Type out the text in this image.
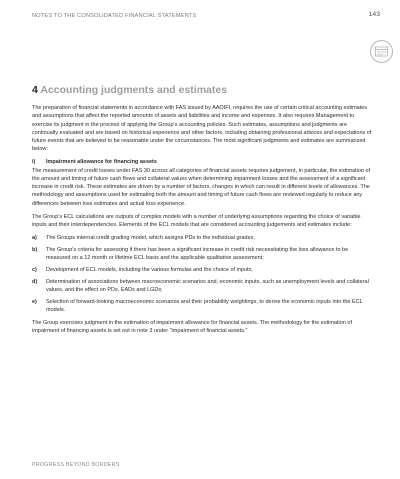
NOTES TO THE CONSOLIDATED FINANCIAL STATEMENTS	143
4 Accounting judgments and estimates

The preparation of financial statements in accordance with FAS issued by AAOIFI, requires the use of certain critical accounting estimates and assumptions that affect the reported amounts of assets and liabilities and income and expenses. It also requires Management to exercise its judgment in the process of applying the Group's accounting policies. Such estimates, assumptions and judgments are continually evaluated and are based on historical experience and other factors, including obtaining professional advices and expectations of future events that are believed to be reasonable under the circumstances. The most significant judgments and estimates are summarized below:

i) Impairment allowance for financing assets

The measurement of credit losses under FAS 30 across all categories of financial assets requires judgement, in particular, the estimation of the amount and timing of future cash flows and collateral values when determining impairment losses and the assessment of a significant increase in credit risk. These estimates are driven by a number of factors, changes in which can result in different levels of allowances. The methodology and assumptions used for estimating both the amount and timing of future cash flows are reviewed regularly to reduce any differences between loss estimates and actual loss experience.

The Group's ECL calculations are outputs of complex models with a number of underlying assumptions regarding the choice of variable inputs and their interdependencies. Elements of the ECL models that are considered accounting judgements and estimates include:

a)	The Groups internal credit grading model, which assigns PDs to the individual grades;
b)	The Group's criteria for assessing if there has been a significant increase in credit risk necessitating the loss allowance to be measured on a 12 month or lifetime ECL basis and the applicable qualitative assessment;
c)	Development of ECL models, including the various formulas and the choice of inputs;
d)	Determination of associations between macroeconomic scenarios and, economic inputs, such as unemployment levels and collateral values, and the effect on PDs, EADs and LGDs;
e)	Selection of forward-looking macroeconomic scenarios and their probability weightings, to derive the economic inputs into the ECL models.

The Group exercises judgment in the estimation of impairment allowance for financial assets. The methodology for the estimation of impairment of financing assets is set out in note 3 under "impairment of financial assets."

PROGRESS BEYOND BORDERS
